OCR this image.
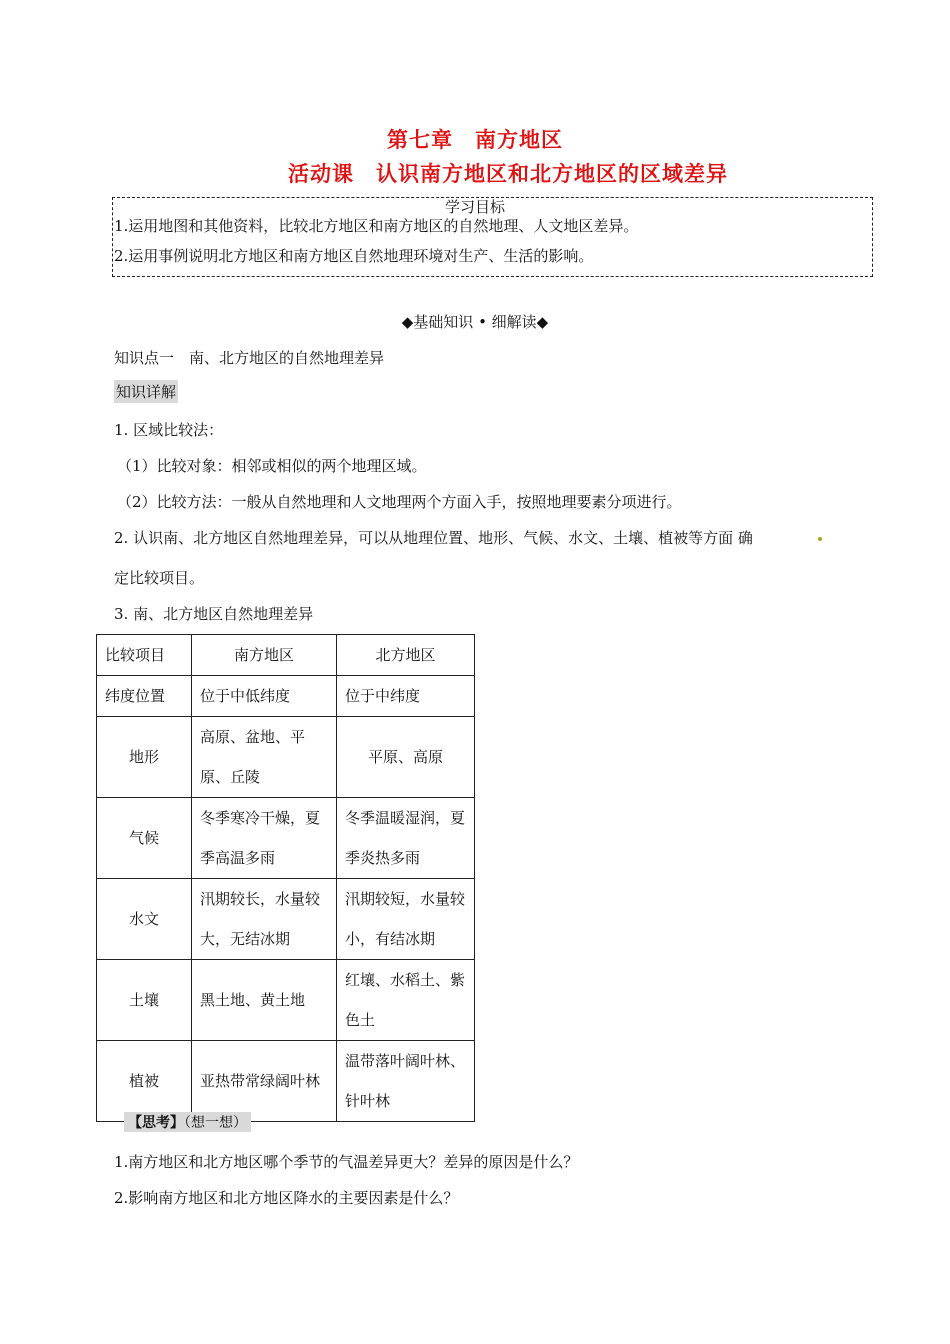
第七章　南方地区
活动课　认识南方地区和北方地区的区域差异
学习目标
1.运用地图和其他资料，比较北方地区和南方地区的自然地理、人文地区差异。
2.运用事例说明北方地区和南方地区自然地理环境对生产、生活的影响。
◆基础知识 • 细解读◆
知识点一　南、北方地区的自然地理差异
知识详解
1. 区域比较法：
（1）比较对象：相邻或相似的两个地理区域。
（2）比较方法：一般从自然地理和人文地理两个方面入手，按照地理要素分项进行。
2. 认识南、北方地区自然地理差异，可以从地理位置、地形、气候、水文、土壤、植被等方面 确
定比较项目。
3. 南、北方地区自然地理差异
比较项目	南方地区	北方地区
纬度位置	位于中低纬度	位于中纬度
地形	高原、盆地、平原、丘陵	平原、高原
气候	冬季寒冷干燥，夏季高温多雨	冬季温暖湿润，夏季炎热多雨
水文	汛期较长，水量较大，无结冰期	汛期较短，水量较小，有结冰期
土壤	黑土地、黄土地	红壤、水稻土、紫色土
植被	亚热带常绿阔叶林	温带落叶阔叶林、针叶林
【思考】（想一想）
1.南方地区和北方地区哪个季节的气温差异更大？差异的原因是什么？
2.影响南方地区和北方地区降水的主要因素是什么？
